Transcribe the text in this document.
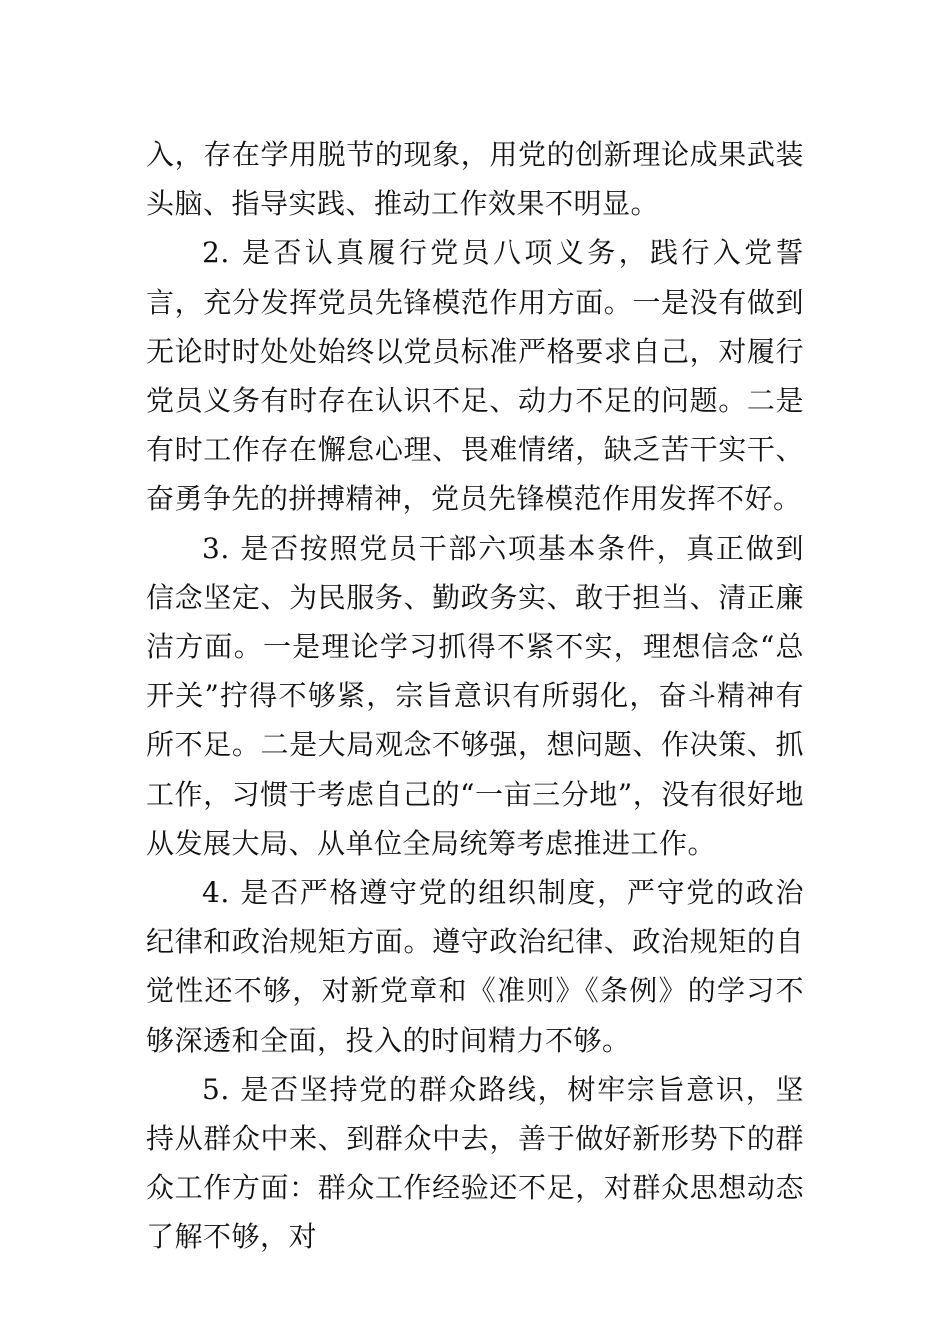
入，存在学用脱节的现象，用党的创新理论成果武装头脑、指导实践、推动工作效果不明显。

2. 是否认真履行党员八项义务，践行入党誓言，充分发挥党员先锋模范作用方面。一是没有做到无论时时处处始终以党员标准严格要求自己，对履行党员义务有时存在认识不足、动力不足的问题。二是有时工作存在懈怠心理、畏难情绪，缺乏苦干实干、奋勇争先的拼搏精神，党员先锋模范作用发挥不好。

3. 是否按照党员干部六项基本条件，真正做到信念坚定、为民服务、勤政务实、敢于担当、清正廉洁方面。一是理论学习抓得不紧不实，理想信念“总开关”拧得不够紧，宗旨意识有所弱化，奋斗精神有所不足。二是大局观念不够强，想问题、作决策、抓工作，习惯于考虑自己的“一亩三分地”，没有很好地从发展大局、从单位全局统筹考虑推进工作。

4. 是否严格遵守党的组织制度，严守党的政治纪律和政治规矩方面。遵守政治纪律、政治规矩的自觉性还不够，对新党章和《准则》《条例》的学习不够深透和全面，投入的时间精力不够。

5. 是否坚持党的群众路线，树牢宗旨意识，坚持从群众中来、到群众中去，善于做好新形势下的群众工作方面：群众工作经验还不足，对群众思想动态了解不够，对
